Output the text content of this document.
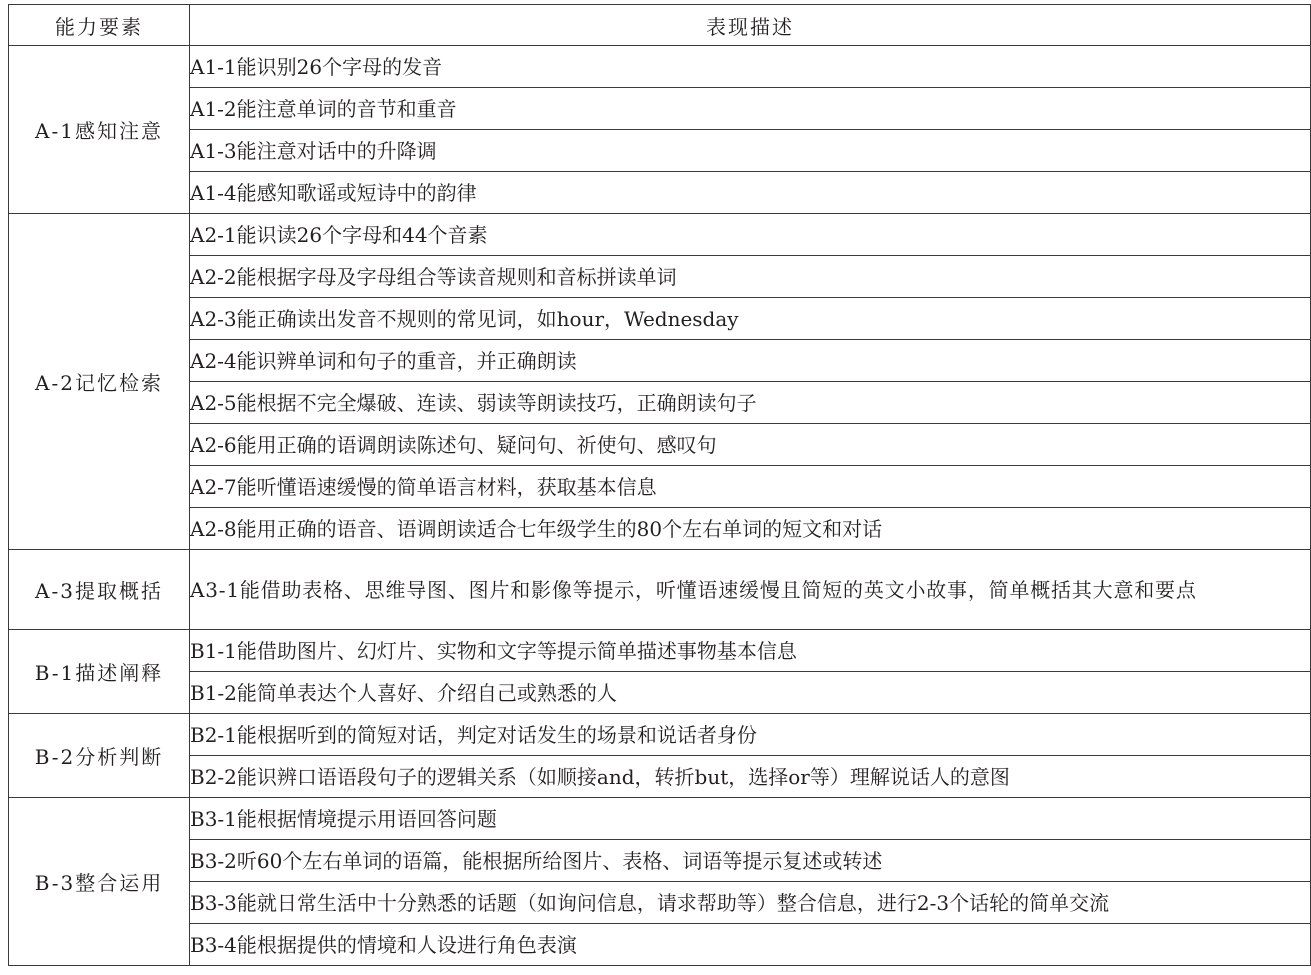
能力要素	表现描述
A-1感知注意	A1-1能识别26个字母的发音
	A1-2能注意单词的音节和重音
	A1-3能注意对话中的升降调
	A1-4能感知歌谣或短诗中的韵律
A-2记忆检索	A2-1能识读26个字母和44个音素
	A2-2能根据字母及字母组合等读音规则和音标拼读单词
	A2-3能正确读出发音不规则的常见词，如hour，Wednesday
	A2-4能识辨单词和句子的重音，并正确朗读
	A2-5能根据不完全爆破、连读、弱读等朗读技巧，正确朗读句子
	A2-6能用正确的语调朗读陈述句、疑问句、祈使句、感叹句
	A2-7能听懂语速缓慢的简单语言材料，获取基本信息
	A2-8能用正确的语音、语调朗读适合七年级学生的80个左右单词的短文和对话
A-3提取概括	A3-1能借助表格、思维导图、图片和影像等提示，听懂语速缓慢且简短的英文小故事，简单概括其大意和要点
B-1描述阐释	B1-1能借助图片、幻灯片、实物和文字等提示简单描述事物基本信息
	B1-2能简单表达个人喜好、介绍自己或熟悉的人
B-2分析判断	B2-1能根据听到的简短对话，判定对话发生的场景和说话者身份
	B2-2能识辨口语语段句子的逻辑关系（如顺接and，转折but，选择or等）理解说话人的意图
B-3整合运用	B3-1能根据情境提示用语回答问题
	B3-2听60个左右单词的语篇，能根据所给图片、表格、词语等提示复述或转述
	B3-3能就日常生活中十分熟悉的话题（如询问信息，请求帮助等）整合信息，进行2-3个话轮的简单交流
	B3-4能根据提供的情境和人设进行角色表演
